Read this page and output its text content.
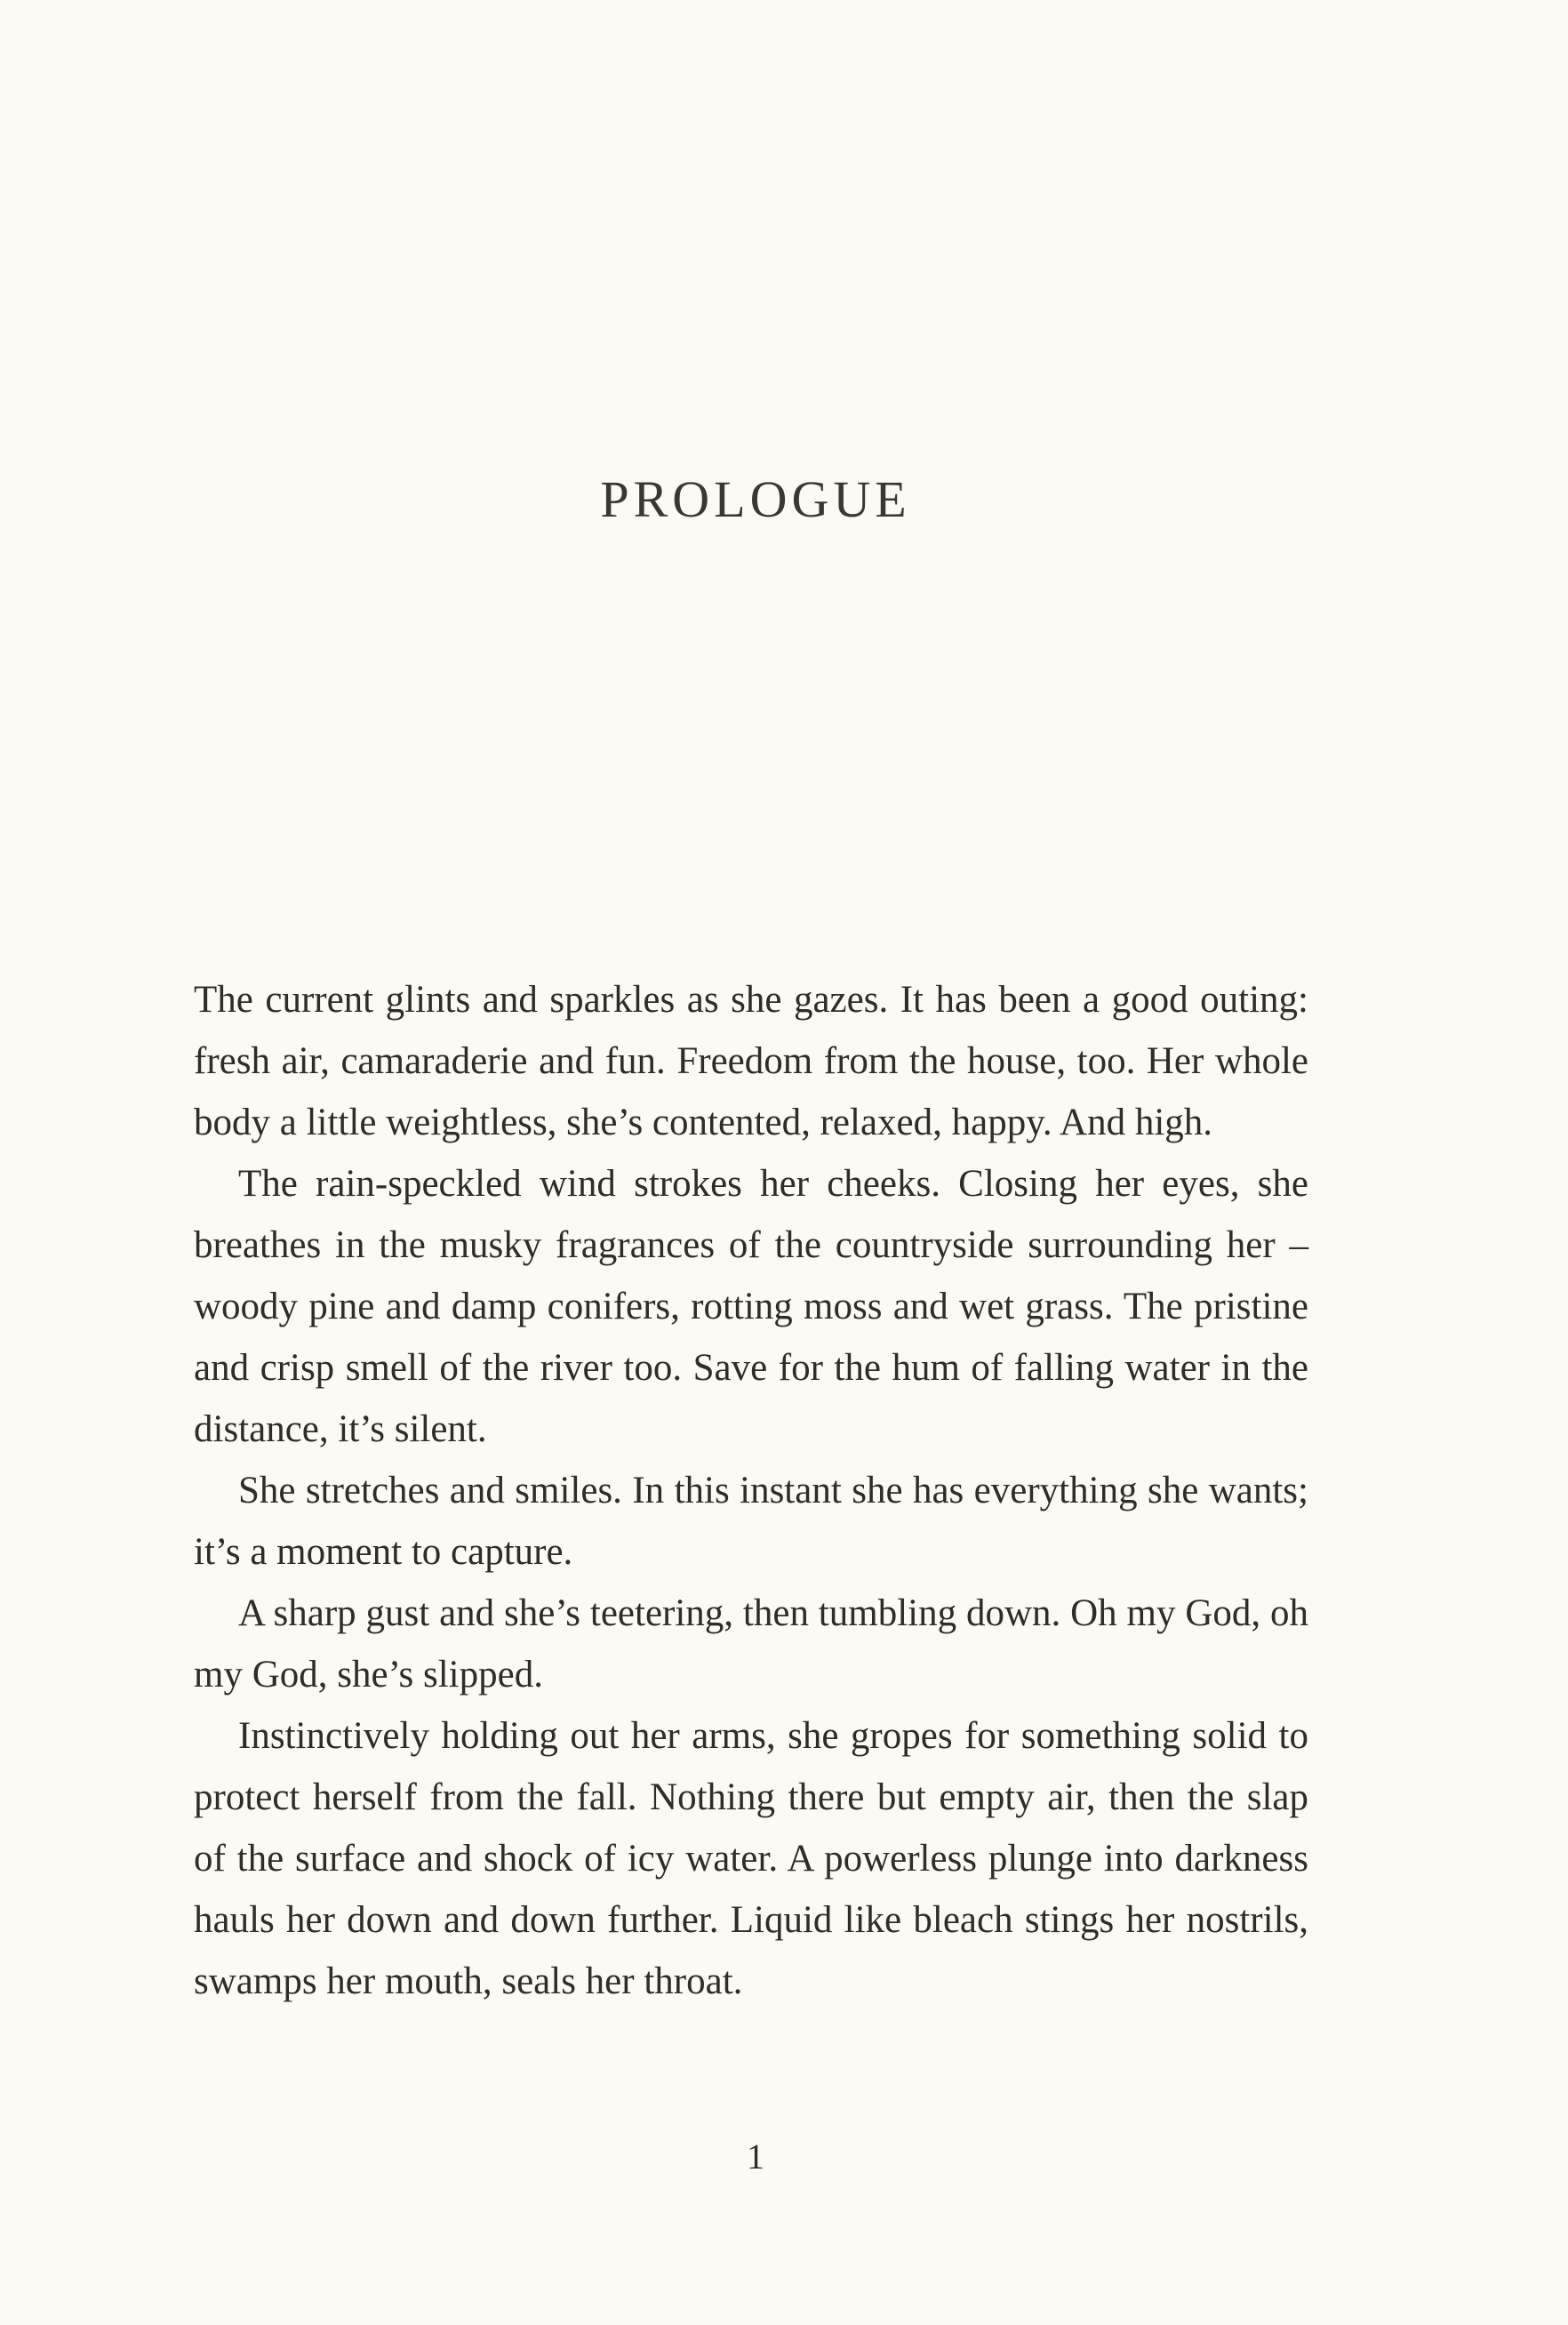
PROLOGUE

The current glints and sparkles as she gazes. It has been a good outing: fresh air, camaraderie and fun. Freedom from the house, too. Her whole body a little weightless, she’s contented, relaxed, happy. And high.

The rain-speckled wind strokes her cheeks. Closing her eyes, she breathes in the musky fragrances of the countryside surrounding her – woody pine and damp conifers, rotting moss and wet grass. The pristine and crisp smell of the river too. Save for the hum of falling water in the distance, it’s silent.

She stretches and smiles. In this instant she has everything she wants; it’s a moment to capture.

A sharp gust and she’s teetering, then tumbling down. Oh my God, oh my God, she’s slipped.

Instinctively holding out her arms, she gropes for something solid to protect herself from the fall. Nothing there but empty air, then the slap of the surface and shock of icy water. A powerless plunge into darkness hauls her down and down further. Liquid like bleach stings her nostrils, swamps her mouth, seals her throat.

1
